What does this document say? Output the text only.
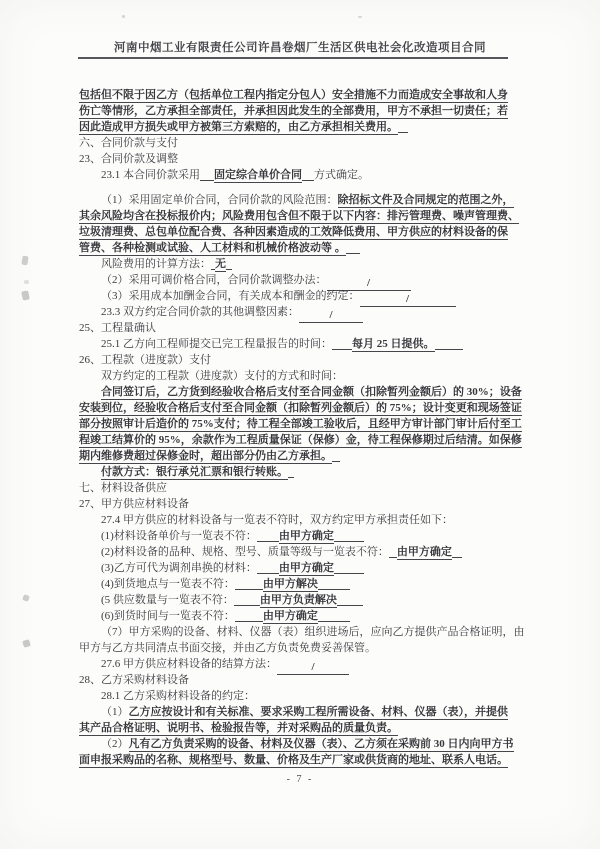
河南中烟工业有限责任公司许昌卷烟厂生活区供电社会化改造项目合同
包括但不限于因乙方（包括单位工程内指定分包人）安全措施不力而造成安全事故和人身
伤亡等情形，乙方承担全部责任，并承担因此发生的全部费用，甲方不承担一切责任；若
因此造成甲方损失或甲方被第三方索赔的，由乙方承担相关费用。
六、合同价款与支付
23、合同价款及调整
23.1 本合同价款采用 固定综合单价合同 方式确定。
（1）采用固定单价合同，合同价款的风险范围：除招标文件及合同规定的范围之外，
其余风险均含在投标报价内；风险费用包含但不限于以下内容：排污管理费、噪声管理费、
垃圾清理费、总包单位配合费、各种因素造成的工效降低费用、甲方供应的材料设备的保
管费、各种检测或试验、人工材料和机械价格波动等 。
风险费用的计算方法： 无
（2）采用可调价格合同，合同价款调整办法：	/
（3）采用成本加酬金合同，有关成本和酬金的约定：	/
23.3 双方约定合同价款的其他调整因素：	/
25、工程量确认
25.1 乙方向工程师提交已完工程量报告的时间： 每月 25 日提供。
26、工程款（进度款）支付
双方约定的工程款（进度款）支付的方式和时间：
合同签订后，乙方货到经验收合格后支付至合同金额（扣除暂列金额后）的 30%；设备
安装到位，经验收合格后支付至合同金额（扣除暂列金额后）的 75%；设计变更和现场签证
部分按照审计后造价的 75%支付；待工程全部竣工验收后，且经甲方审计部门审计后付至工
程竣工结算价的 95%，余款作为工程质量保证（保修）金，待工程保修期过后结清。如保修
期内维修费超过保修金时，超出部分仍由乙方承担。
付款方式：银行承兑汇票和银行转账。
七、材料设备供应
27、甲方供应材料设备
27.4 甲方供应的材料设备与一览表不符时，双方约定甲方承担责任如下：
(1)材料设备单价与一览表不符： 由甲方确定
(2)材料设备的品种、规格、型号、质量等级与一览表不符： 由甲方确定
(3)乙方可代为调剂串换的材料： 由甲方确定
(4)到货地点与一览表不符：	由甲方解决
(5 供应数量与一览表不符： 由甲方负责解决
(6)到货时间与一览表不符：	由甲方确定
（7）甲方采购的设备、材料、仪器（表）组织进场后，应向乙方提供产品合格证明，由
甲方与乙方共同清点书面交接，并由乙方负责免费妥善保管。
27.6 甲方供应材料设备的结算方法：	/
28、乙方采购材料设备
28.1 乙方采购材料设备的约定：
（1）乙方应按设计和有关标准、要求采购工程所需设备、材料、仪器（表），并提供
其产品合格证明、说明书、检验报告等，并对采购品的质量负责。
（2）凡有乙方负责采购的设备、材料及仪器（表）、乙方须在采购前 30 日内向甲方书
面申报采购品的名称、规格型号、数量、价格及生产厂家或供货商的地址、联系人电话。
- 7 -
